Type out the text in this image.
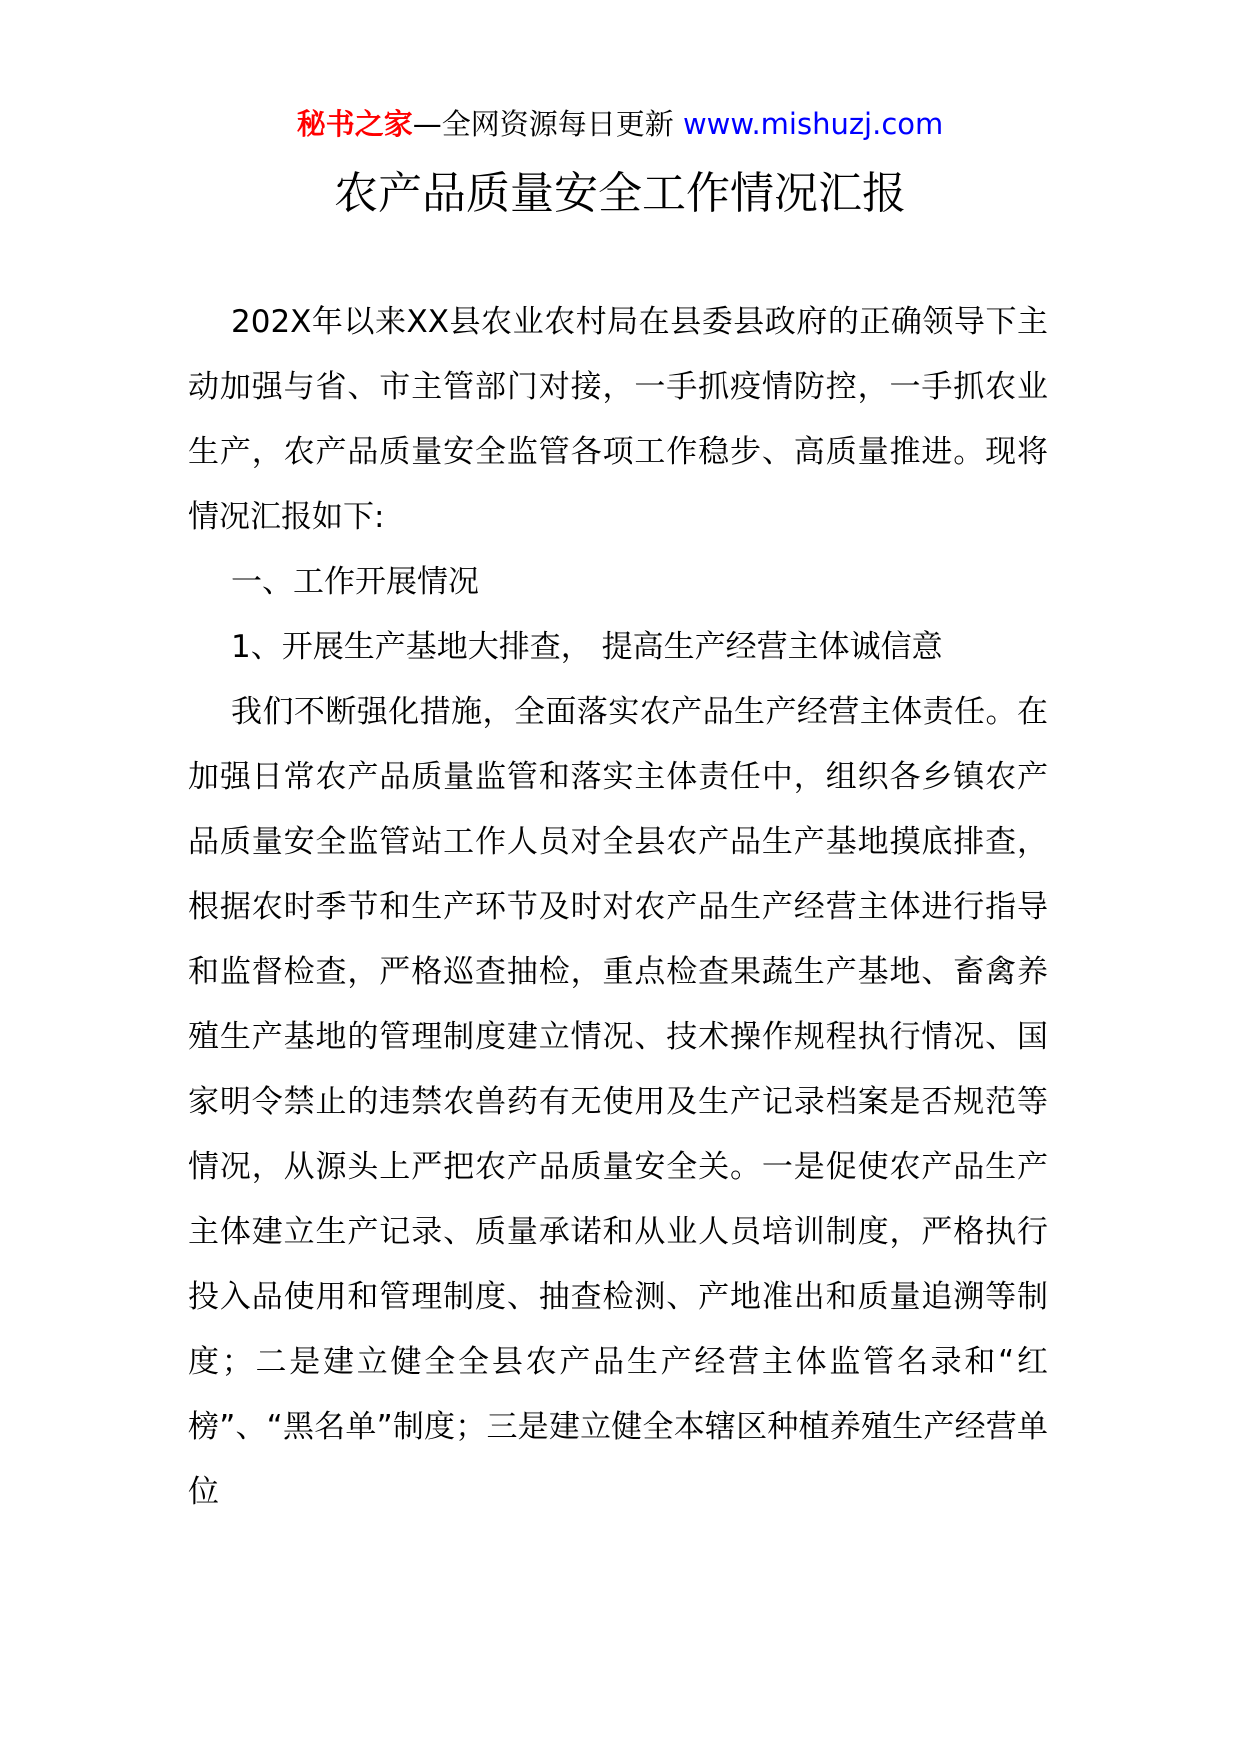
秘书之家—全网资源每日更新 www.mishuzj.com
农产品质量安全工作情况汇报

202X年以来XX县农业农村局在县委县政府的正确领导下主动加强与省、市主管部门对接，一手抓疫情防控，一手抓农业生产，农产品质量安全监管各项工作稳步、高质量推进。现将情况汇报如下:

一、工作开展情况

1、开展生产基地大排查， 提高生产经营主体诚信意

我们不断强化措施，全面落实农产品生产经营主体责任。在加强日常农产品质量监管和落实主体责任中，组织各乡镇农产品质量安全监管站工作人员对全县农产品生产基地摸底排查，根据农时季节和生产环节及时对农产品生产经营主体进行指导和监督检查，严格巡查抽检，重点检查果蔬生产基地、畜禽养殖生产基地的管理制度建立情况、技术操作规程执行情况、国家明令禁止的违禁农兽药有无使用及生产记录档案是否规范等情况，从源头上严把农产品质量安全关。一是促使农产品生产主体建立生产记录、质量承诺和从业人员培训制度，严格执行投入品使用和管理制度、抽查检测、产地准出和质量追溯等制度；二是建立健全全县农产品生产经营主体监管名录和“红榜”、“黑名单”制度；三是建立健全本辖区种植养殖生产经营单位
